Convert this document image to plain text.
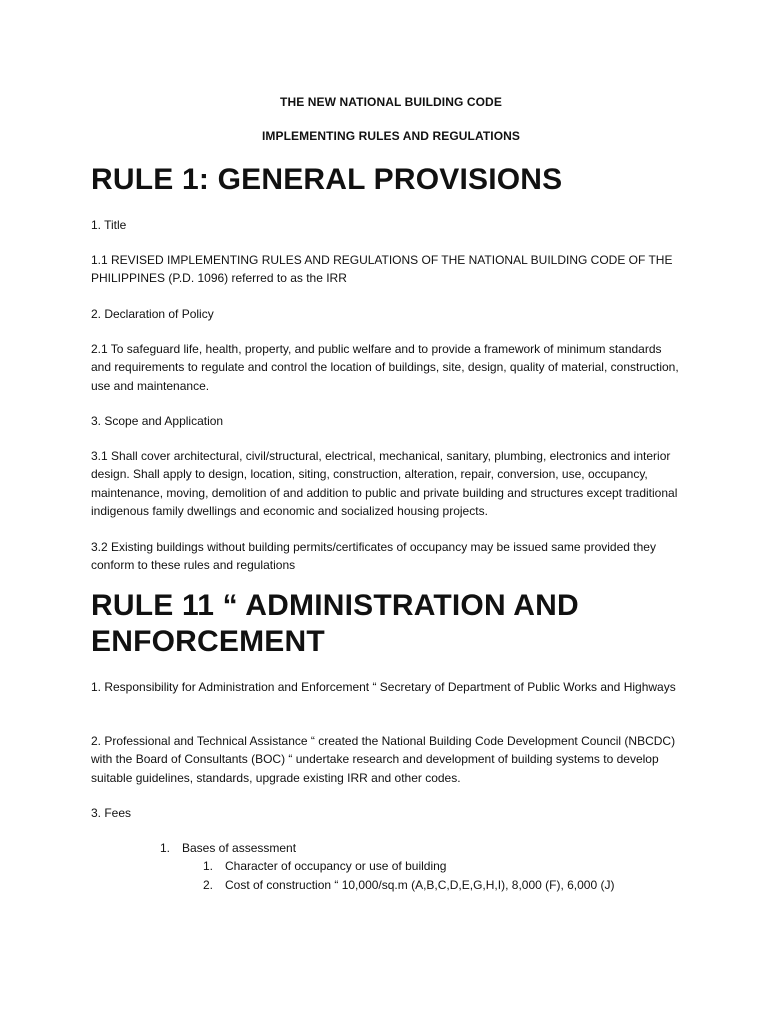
THE NEW NATIONAL BUILDING CODE
IMPLEMENTING RULES AND REGULATIONS
RULE 1: GENERAL PROVISIONS

1. Title

1.1 REVISED IMPLEMENTING RULES AND REGULATIONS OF THE NATIONAL BUILDING CODE OF THE PHILIPPINES (P.D. 1096) referred to as the IRR

2. Declaration of Policy

2.1 To safeguard life, health, property, and public welfare and to provide a framework of minimum standards and requirements to regulate and control the location of buildings, site, design, quality of material, construction, use and maintenance.

3. Scope and Application

3.1 Shall cover architectural, civil/structural, electrical, mechanical, sanitary, plumbing, electronics and interior design. Shall apply to design, location, siting, construction, alteration, repair, conversion, use, occupancy, maintenance, moving, demolition of and addition to public and private building and structures except traditional indigenous family dwellings and economic and socialized housing projects.

3.2 Existing buildings without building permits/certificates of occupancy may be issued same provided they conform to these rules and regulations

RULE 11 “ ADMINISTRATION AND ENFORCEMENT

1. Responsibility for Administration and Enforcement “ Secretary of Department of Public Works and Highways

2. Professional and Technical Assistance “ created the National Building Code Development Council (NBCDC) with the Board of Consultants (BOC) “ undertake research and development of building systems to develop suitable guidelines, standards, upgrade existing IRR and other codes.

3. Fees

1. Bases of assessment
1. Character of occupancy or use of building
2. Cost of construction “ 10,000/sq.m (A,B,C,D,E,G,H,I), 8,000 (F), 6,000 (J)
